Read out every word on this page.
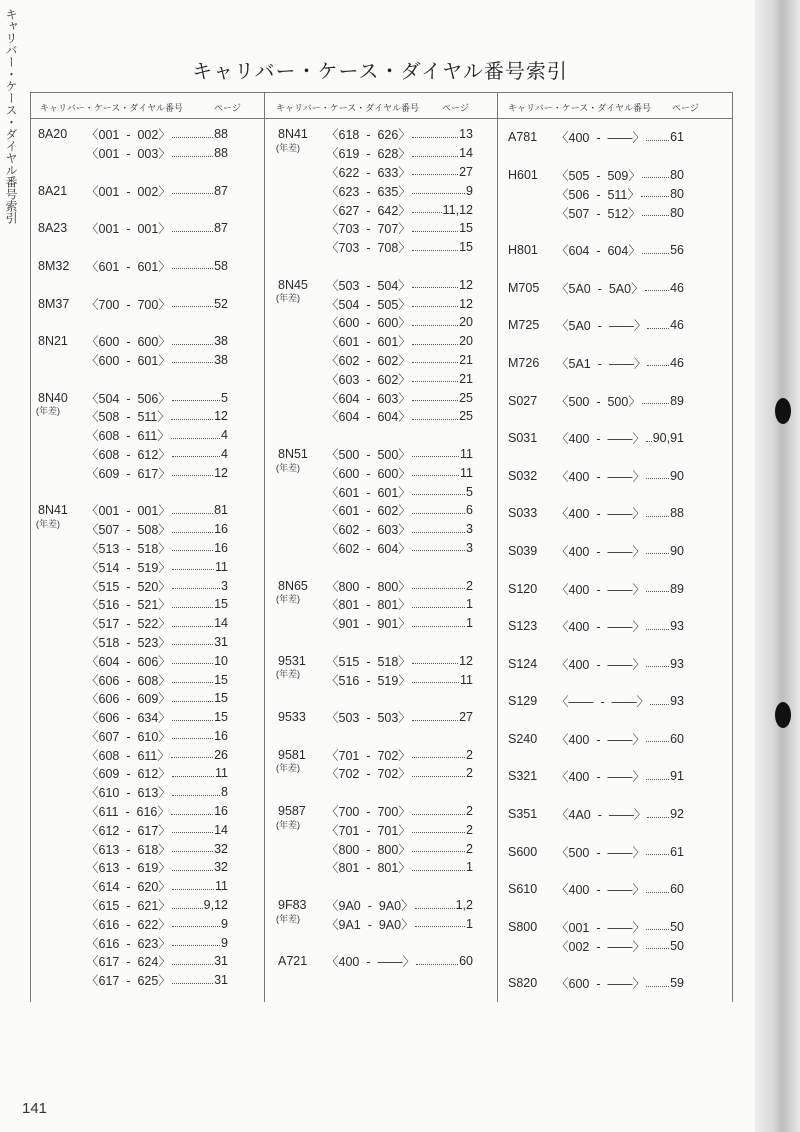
キャリバー・ケース・ダイヤル番号索引	キャリバー・ケース・ダイヤル番号索引
キャリバー・ケース・ダイヤル番号	ページ	キャリバー・ケース・ダイヤル番号	ページ	キャリバー・ケース・ダイヤル番号 ページ
8A20	〈001  -  002〉	88
〈001  -  003〉	88
8A21	〈001  -  002〉	87
8A23	〈001  -  001〉	87
8M32	〈601  -  601〉	58
8M37	〈700  -  700〉	52
8N21	〈600  -  600〉	38
〈600  -  601〉	38
8N40
(年差)
〈504  -  506〉	5
〈508  -  511〉	12
〈608  -  611〉	4
〈608  -  612〉	4
〈609  -  617〉	12
8N41
(年差)
〈001  -  001〉	81
〈507  -  508〉	16
〈513  -  518〉	16
〈514  -  519〉	11
〈515  -  520〉	3
〈516  -  521〉	15
〈517  -  522〉	14
〈518  -  523〉	31
〈604  -  606〉	10
〈606  -  608〉	15
〈606  -  609〉	15
〈606  -  634〉	15
〈607  -  610〉	16
〈608  -  611〉	26
〈609  -  612〉	11
〈610  -  613〉	8
〈611  -  616〉	16
〈612  -  617〉	14
〈613  -  618〉	32
〈613  -  619〉	32
〈614  -  620〉	11
〈615  -  621〉	9,12
〈616  -  622〉	9
〈616  -  623〉	9
〈617  -  624〉	31
〈617  -  625〉	31
8N41
(年差)
〈618  -  626〉	13
〈619  -  628〉	14
〈622  -  633〉	27
〈623  -  635〉	9
〈627  -  642〉	11,12
〈703  -  707〉	15
〈703  -  708〉	15
8N45
(年差)
〈503  -  504〉	12
〈504  -  505〉	12
〈600  -  600〉	20
〈601  -  601〉	20
〈602  -  602〉	21
〈603  -  602〉	21
〈604  -  603〉	25
〈604  -  604〉	25
8N51
(年差)
〈500  -  500〉	11
〈600  -  600〉	11
〈601  -  601〉	5
〈601  -  602〉	6
〈602  -  603〉	3
〈602  -  604〉	3
8N65
(年差)
〈800  -  800〉	2
〈801  -  801〉	1
〈901  -  901〉	1
9531
(年差)
〈515  -  518〉	12
〈516  -  519〉	11
9533	〈503  -  503〉	27
9581
(年差)
〈701  -  702〉	2
〈702  -  702〉	2
9587
(年差)
〈700  -  700〉	2
〈701  -  701〉	2
〈800  -  800〉	2
〈801  -  801〉	1
9F83
(年差)
〈9A0  -  9A0〉	1,2
〈9A1  -  9A0〉	1
A721	〈400  -  ——〉	60
A781	〈400  -  ——〉 61
H601	〈505  -  509〉 80
〈506  -  511〉 80
〈507  -  512〉 80
H801	〈604  -  604〉 56
M705	〈5A0  -  5A0〉 46
M725	〈5A0  -  ——〉 46
M726	〈5A1  -  ——〉 46
S027	〈500  -  500〉 89
S031	〈400  -  ——〉 90,91
S032	〈400  -  ——〉 90
S033	〈400  -  ——〉 88
S039	〈400  -  ——〉 90
S120	〈400  -  ——〉 89
S123	〈400  -  ——〉 93
S124	〈400  -  ——〉 93
S129	〈——  -  ——〉 93
S240	〈400  -  ——〉 60
S321	〈400  -  ——〉 91
S351	〈4A0  -  ——〉 92
S600	〈500  -  ——〉 61
S610	〈400  -  ——〉 60
S800	〈001  -  ——〉 50
〈002  -  ——〉 50
S820	〈600  -  ——〉 59
141
